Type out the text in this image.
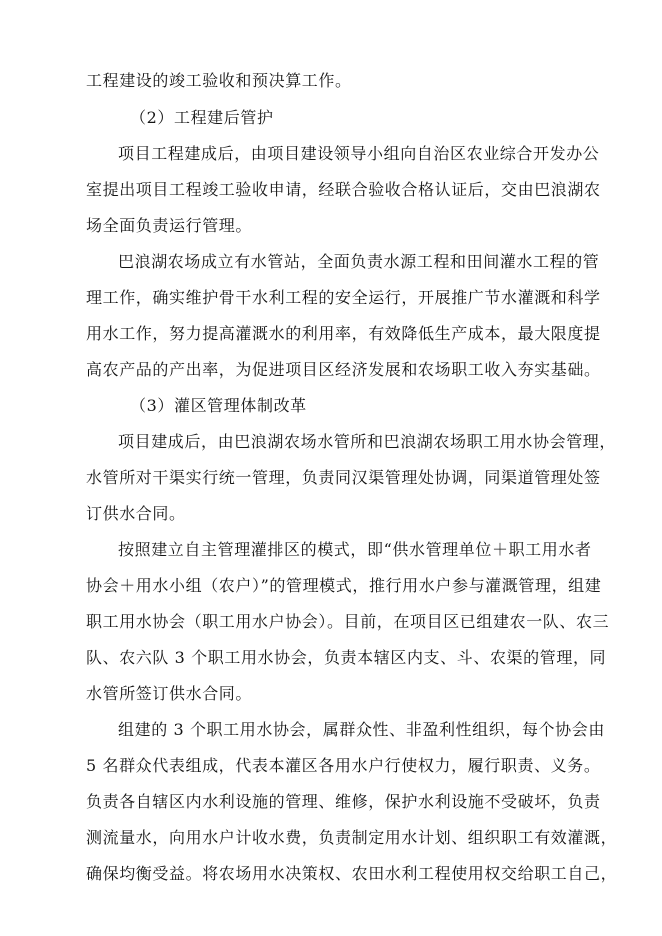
工程建设的竣工验收和预决算工作。
（2）工程建后管护
项目工程建成后，由项目建设领导小组向自治区农业综合开发办公
室提出项目工程竣工验收申请，经联合验收合格认证后，交由巴浪湖农
场全面负责运行管理。
巴浪湖农场成立有水管站，全面负责水源工程和田间灌水工程的管
理工作，确实维护骨干水利工程的安全运行，开展推广节水灌溉和科学
用水工作，努力提高灌溉水的利用率，有效降低生产成本，最大限度提
高农产品的产出率，为促进项目区经济发展和农场职工收入夯实基础。
（3）灌区管理体制改革
项目建成后，由巴浪湖农场水管所和巴浪湖农场职工用水协会管理，
水管所对干渠实行统一管理，负责同汉渠管理处协调，同渠道管理处签
订供水合同。
按照建立自主管理灌排区的模式，即“供水管理单位＋职工用水者
协会＋用水小组（农户）”的管理模式，推行用水户参与灌溉管理，组建
职工用水协会（职工用水户协会）。目前，在项目区已组建农一队、农三
队、农六队 3 个职工用水协会，负责本辖区内支、斗、农渠的管理，同
水管所签订供水合同。
组建的 3 个职工用水协会，属群众性、非盈利性组织，每个协会由
5 名群众代表组成，代表本灌区各用水户行使权力，履行职责、义务。
负责各自辖区内水利设施的管理、维修，保护水利设施不受破坏，负责
测流量水，向用水户计收水费，负责制定用水计划、组织职工有效灌溉，
确保均衡受益。将农场用水决策权、农田水利工程使用权交给职工自己，
